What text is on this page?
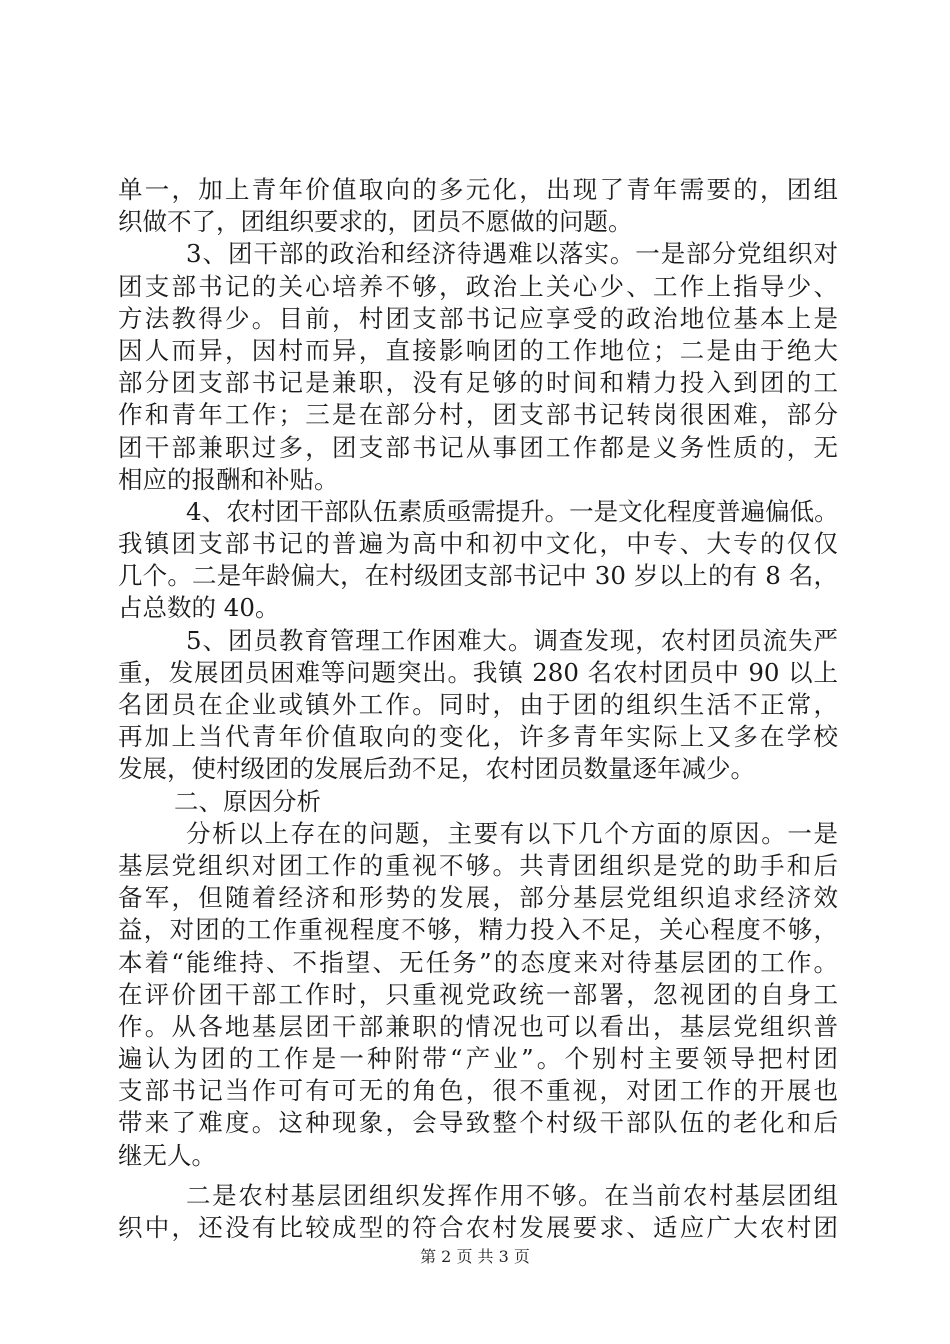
单一，加上青年价值取向的多元化，出现了青年需要的，团组
织做不了，团组织要求的，团员不愿做的问题。
3、团干部的政治和经济待遇难以落实。一是部分党组织对
团支部书记的关心培养不够，政治上关心少、工作上指导少、
方法教得少。目前，村团支部书记应享受的政治地位基本上是
因人而异，因村而异，直接影响团的工作地位；二是由于绝大
部分团支部书记是兼职，没有足够的时间和精力投入到团的工
作和青年工作；三是在部分村，团支部书记转岗很困难，部分
团干部兼职过多，团支部书记从事团工作都是义务性质的，无
相应的报酬和补贴。
4、农村团干部队伍素质亟需提升。一是文化程度普遍偏低。
我镇团支部书记的普遍为高中和初中文化，中专、大专的仅仅
几个。二是年龄偏大，在村级团支部书记中 30 岁以上的有 8 名，
占总数的 40。
5、团员教育管理工作困难大。调查发现，农村团员流失严
重，发展团员困难等问题突出。我镇 280 名农村团员中 90 以上
名团员在企业或镇外工作。同时，由于团的组织生活不正常，
再加上当代青年价值取向的变化，许多青年实际上又多在学校
发展，使村级团的发展后劲不足，农村团员数量逐年减少。
二、原因分析
分析以上存在的问题，主要有以下几个方面的原因。一是
基层党组织对团工作的重视不够。共青团组织是党的助手和后
备军，但随着经济和形势的发展，部分基层党组织追求经济效
益，对团的工作重视程度不够，精力投入不足，关心程度不够，
本着“能维持、不指望、无任务”的态度来对待基层团的工作。
在评价团干部工作时，只重视党政统一部署，忽视团的自身工
作。从各地基层团干部兼职的情况也可以看出，基层党组织普
遍认为团的工作是一种附带“产业”。个别村主要领导把村团
支部书记当作可有可无的角色，很不重视，对团工作的开展也
带来了难度。这种现象，会导致整个村级干部队伍的老化和后
继无人。
二是农村基层团组织发挥作用不够。在当前农村基层团组
织中，还没有比较成型的符合农村发展要求、适应广大农村团
第 2 页 共 3 页
